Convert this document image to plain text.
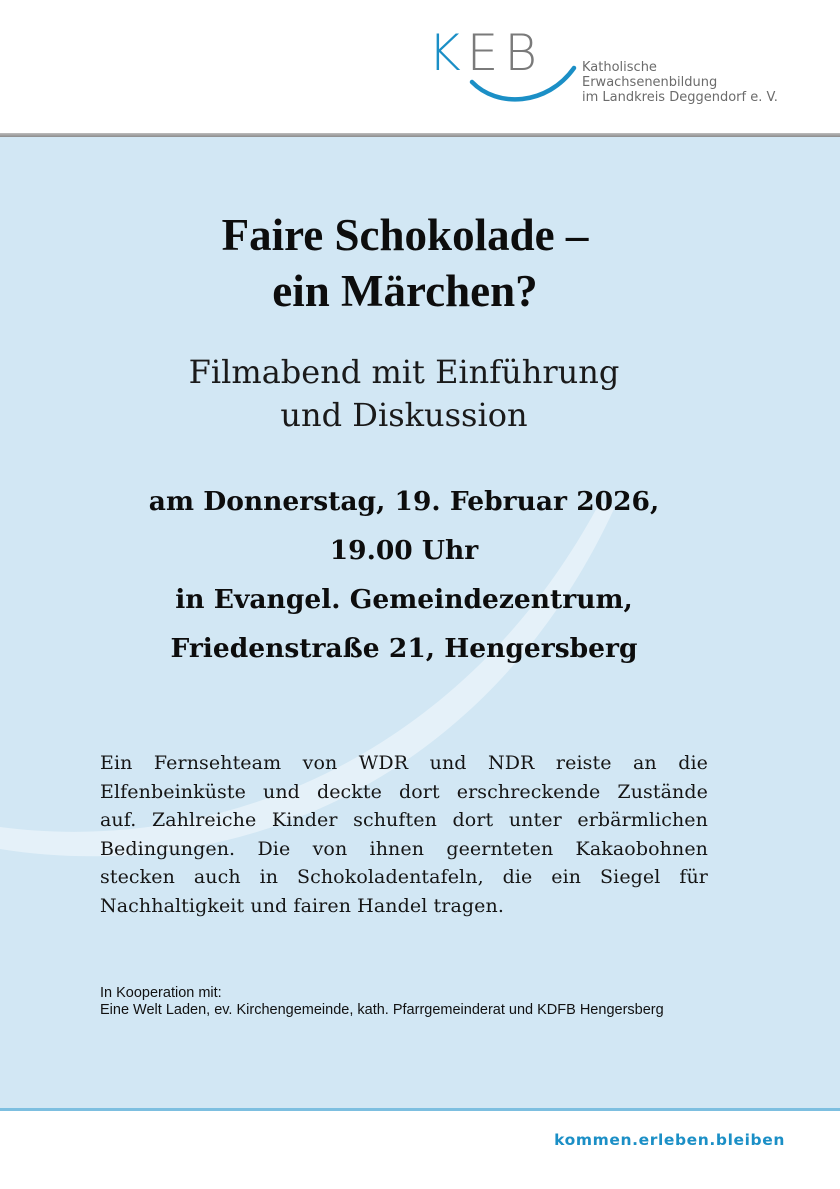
KEB	Katholische
Erwachsenenbildung
im Landkreis Deggendorf e. V.
Faire Schokolade –
ein Märchen?
Filmabend mit Einführung
und Diskussion
am Donnerstag, 19. Februar 2026,
19.00 Uhr
in Evangel. Gemeindezentrum,
Friedenstraße 21, Hengersberg
Ein Fernsehteam von WDR und NDR reiste an die
Elfenbeinküste und deckte dort erschreckende Zustände
auf. Zahlreiche Kinder schuften dort unter erbärmlichen
Bedingungen. Die von ihnen geernteten Kakaobohnen
stecken auch in Schokoladentafeln, die ein Siegel für
Nachhaltigkeit und fairen Handel tragen.
In Kooperation mit:
Eine Welt Laden, ev. Kirchengemeinde, kath. Pfarrgemeinderat und KDFB Hengersberg
kommen.erleben.bleiben
